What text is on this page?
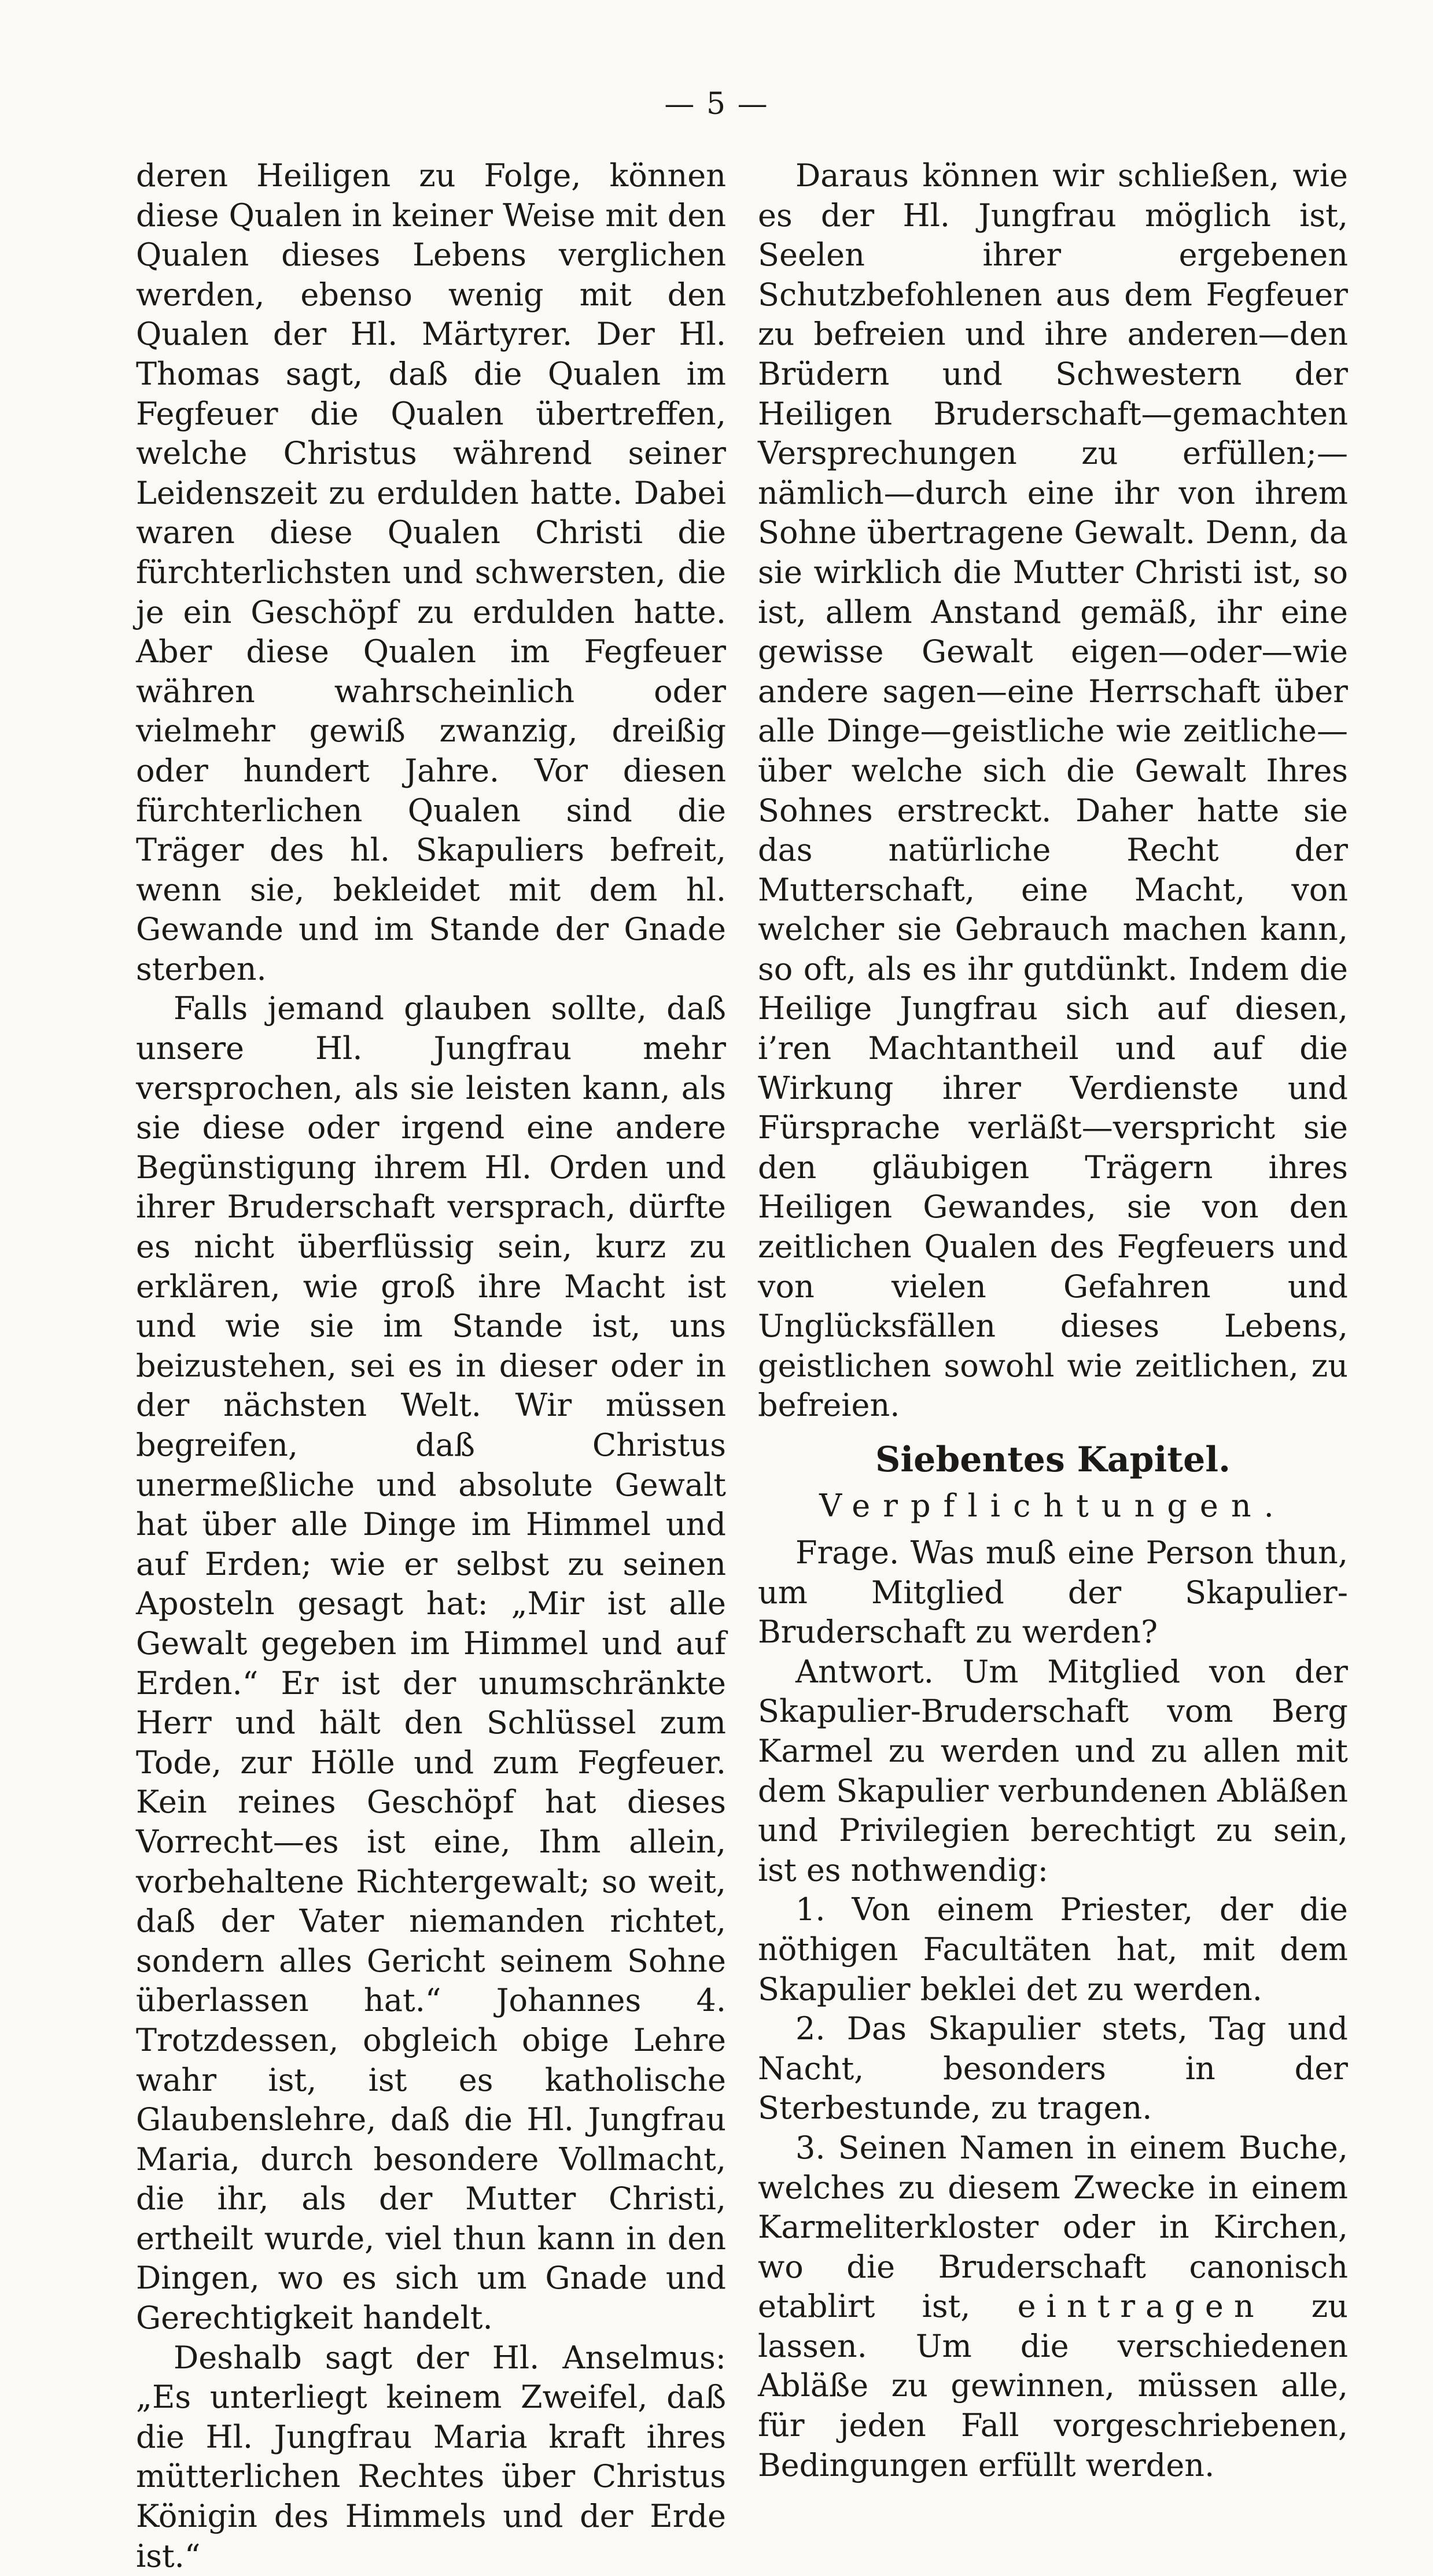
— 5 —

deren Heiligen zu Folge, können diese Qualen in keiner Weise mit den Qualen dieses Lebens verglichen werden, ebenso wenig mit den Qualen der Hl. Märtyrer. Der Hl. Thomas sagt, daß die Qualen im Fegfeuer die Qualen übertreffen, welche Christus während seiner Leidenszeit zu erdulden hatte. Dabei waren diese Qualen Christi die fürchterlichsten und schwersten, die je ein Geschöpf zu erdulden hatte. Aber diese Qualen im Fegfeuer währen wahrscheinlich oder vielmehr gewiß zwanzig, dreißig oder hundert Jahre. Vor diesen fürchterlichen Qualen sind die Träger des hl. Skapuliers befreit, wenn sie, bekleidet mit dem hl. Gewande und im Stande der Gnade sterben.

Falls jemand glauben sollte, daß unsere Hl. Jungfrau mehr versprochen, als sie leisten kann, als sie diese oder irgend eine andere Begünstigung ihrem Hl. Orden und ihrer Bruderschaft versprach, dürfte es nicht überflüssig sein, kurz zu erklären, wie groß ihre Macht ist und wie sie im Stande ist, uns beizustehen, sei es in dieser oder in der nächsten Welt. Wir müssen begreifen, daß Christus unermeßliche und absolute Gewalt hat über alle Dinge im Himmel und auf Erden; wie er selbst zu seinen Aposteln gesagt hat: „Mir ist alle Gewalt gegeben im Himmel und auf Erden.“ Er ist der unumschränkte Herr und hält den Schlüssel zum Tode, zur Hölle und zum Fegfeuer. Kein reines Geschöpf hat dieses Vorrecht—es ist eine, Ihm allein, vorbehaltene Richtergewalt; so weit, daß der Vater niemanden richtet, sondern alles Gericht seinem Sohne überlassen hat.“ Johannes 4. Trotzdessen, obgleich obige Lehre wahr ist, ist es katholische Glaubenslehre, daß die Hl. Jungfrau Maria, durch besondere Vollmacht, die ihr, als der Mutter Christi, ertheilt wurde, viel thun kann in den Dingen, wo es sich um Gnade und Gerechtigkeit handelt.

Deshalb sagt der Hl. Anselmus: „Es unterliegt keinem Zweifel, daß die Hl. Jungfrau Maria kraft ihres mütterlichen Rechtes über Christus Königin des Himmels und der Erde ist.“

Daraus können wir schließen, wie es der Hl. Jungfrau möglich ist, Seelen ihrer ergebenen Schutzbefohlenen aus dem Fegfeuer zu befreien und ihre anderen—den Brüdern und Schwestern der Heiligen Bruderschaft—gemachten Versprechungen zu erfüllen;—nämlich—durch eine ihr von ihrem Sohne übertragene Gewalt. Denn, da sie wirklich die Mutter Christi ist, so ist, allem Anstand gemäß, ihr eine gewisse Gewalt eigen—oder—wie andere sagen—eine Herrschaft über alle Dinge—geistliche wie zeitliche—über welche sich die Gewalt Ihres Sohnes erstreckt. Daher hatte sie das natürliche Recht der Mutterschaft, eine Macht, von welcher sie Gebrauch machen kann, so oft, als es ihr gutdünkt. Indem die Heilige Jungfrau sich auf diesen, i’ren Machtantheil und auf die Wirkung ihrer Verdienste und Fürsprache verläßt—verspricht sie den gläubigen Trägern ihres Heiligen Gewandes, sie von den zeitlichen Qualen des Fegfeuers und von vielen Gefahren und Unglücksfällen dieses Lebens, geistlichen sowohl wie zeitlichen, zu befreien.

Siebentes Kapitel.
Verpflichtungen.

Frage. Was muß eine Person thun, um Mitglied der Skapulier-Bruderschaft zu werden?

Antwort. Um Mitglied von der Skapulier-Bruderschaft vom Berg Karmel zu werden und zu allen mit dem Skapulier verbundenen Abläßen und Privilegien berechtigt zu sein, ist es nothwendig:

1. Von einem Priester, der die nöthigen Facultäten hat, mit dem Skapulier beklei det zu werden.

2. Das Skapulier stets, Tag und Nacht, besonders in der Sterbestunde, zu tragen.

3. Seinen Namen in einem Buche, welches zu diesem Zwecke in einem Karmeliterkloster oder in Kirchen, wo die Bruderschaft canonisch etablirt ist, eintragen zu lassen. Um die verschiedenen Abläße zu gewinnen, müssen alle, für jeden Fall vorgeschriebenen, Bedingungen erfüllt werden.
